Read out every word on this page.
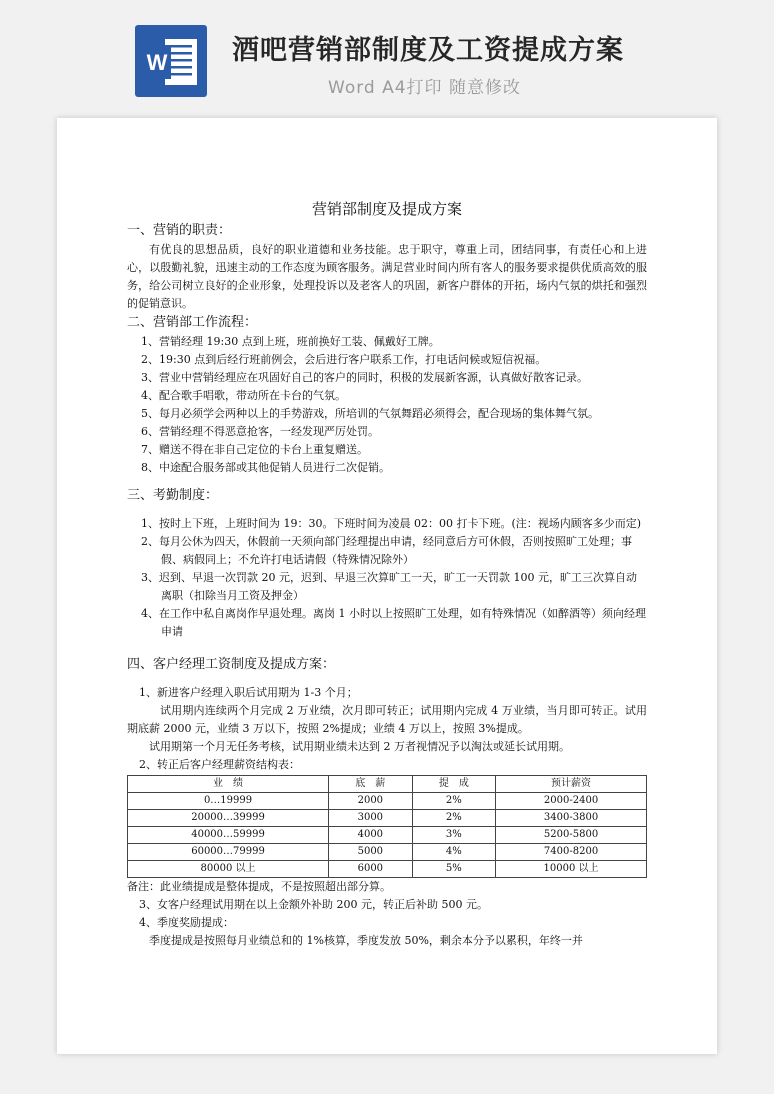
W 酒吧营销部制度及工资提成方案
Word A4打印 随意修改
​
营销部制度及提成方案
一、营销的职责：
有优良的思想品质，良好的职业道德和业务技能。忠于职守，尊重上司，团结同事，有责任心和上进心，以殷勤礼貌，迅速主动的工作态度为顾客服务。满足营业时间内所有客人的服务要求提供优质高效的服务，给公司树立良好的企业形象，处理投诉以及老客人的巩固，新客户群体的开拓，场内气氛的烘托和强烈的促销意识。
二、营销部工作流程：
1、营销经理 19:30 点到上班，班前换好工装、佩戴好工牌。
2、19:30 点到后经行班前例会，会后进行客户联系工作，打电话问候或短信祝福。
3、营业中营销经理应在巩固好自己的客户的同时，积极的发展新客源，认真做好散客记录。
4、配合歌手唱歌，带动所在卡台的气氛。
5、每月必须学会两种以上的手势游戏，所培训的气氛舞蹈必须得会，配合现场的集体舞气氛。
6、营销经理不得恶意抢客，一经发现严厉处罚。
7、赠送不得在非自己定位的卡台上重复赠送。
8、中途配合服务部或其他促销人员进行二次促销。
三、考勤制度：
1、按时上下班，上班时间为 19：30。下班时间为凌晨 02：00 打卡下班。(注：视场内顾客多少而定)
2、每月公休为四天，休假前一天须向部门经理提出申请，经同意后方可休假，否则按照旷工处理；事假、病假同上；不允许打电话请假（特殊情况除外）
3、迟到、早退一次罚款 20 元，迟到、早退三次算旷工一天，旷工一天罚款 100 元，旷工三次算自动离职（扣除当月工资及押金）
4、在工作中私自离岗作早退处理。离岗 1 小时以上按照旷工处理，如有特殊情况（如醉酒等）须向经理申请
四、客户经理工资制度及提成方案：
1、新进客户经理入职后试用期为 1-3 个月；
试用期内连续两个月完成 2 万业绩，次月即可转正；试用期内完成 4 万业绩，当月即可转正。试用期底薪 2000 元，业绩 3 万以下，按照 2%提成；业绩 4 万以上，按照 3%提成。
试用期第一个月无任务考核，试用期业绩未达到 2 万者视情况予以淘汰或延长试用期。
2、转正后客户经理薪资结构表：
业　绩	底　薪	提　成	预计薪资
0…19999	2000	2%	2000-2400
20000…39999	3000	2%	3400-3800
40000…59999	4000	3%	5200-5800
60000…79999	5000	4%	7400-8200
80000 以上	6000	5%	10000 以上
备注：此业绩提成是整体提成，不是按照超出部分算。
3、女客户经理试用期在以上金额外补助 200 元，转正后补助 500 元。
4、季度奖励提成：
季度提成是按照每月业绩总和的 1%核算，季度发放 50%，剩余本分予以累积，年终一并
